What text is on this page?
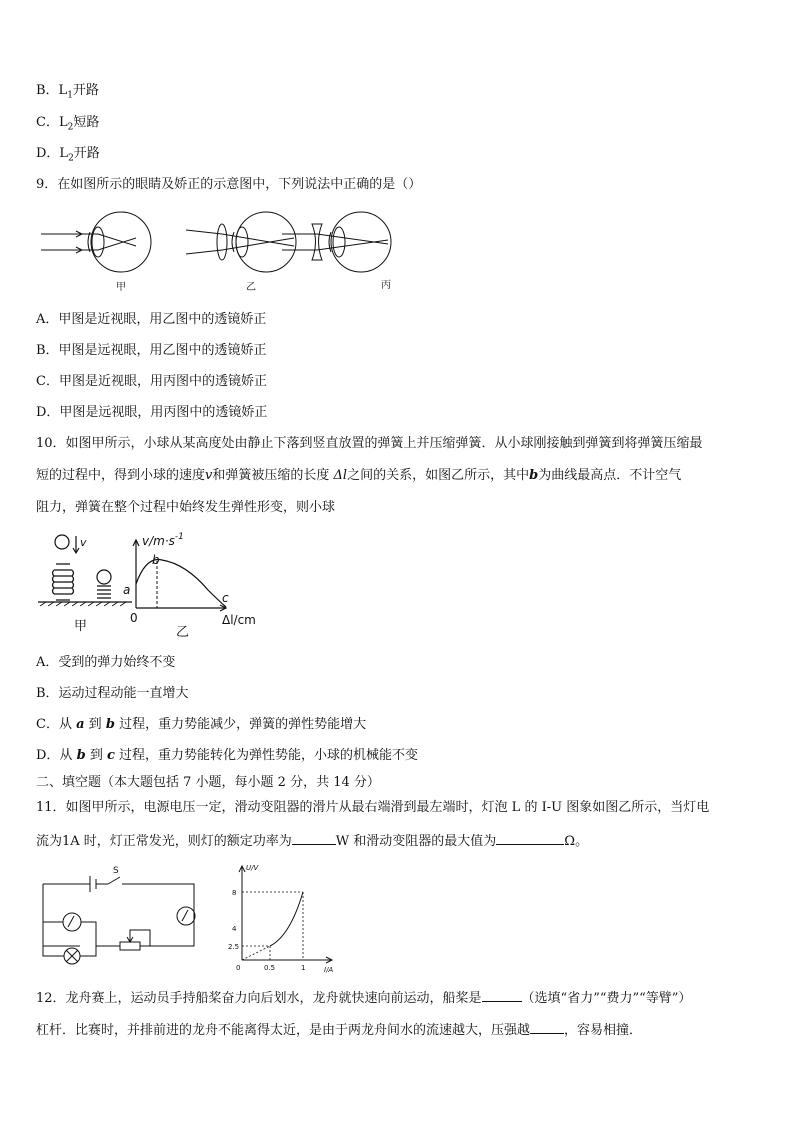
B．$L_1$开路
C．$L_2$短路
D．$L_2$开路
9．在如图所示的眼睛及娇正的示意图中，下列说法中正确的是（）
甲	乙	丙
A．甲图是近视眼，用乙图中的透镜娇正
B．甲图是远视眼，用乙图中的透镜娇正
C．甲图是近视眼，用丙图中的透镜娇正
D．甲图是远视眼，用丙图中的透镜娇正
10．如图甲所示，小球从某高度处由静止下落到竖直放置的弹簧上并压缩弹簧．从小球刚接触到弹簧到将弹簧压缩最
短的过程中，得到小球的速度v和弹簧被压缩的长度 Δl之间的关系，如图乙所示，其中b为曲线最高点．不计空气
阻力，弹簧在整个过程中始终发生弹性形变，则小球
v
甲
$v/m\cdot s^{-1}$
a
b
c
0	Δl/cm
乙
A．受到的弹力始终不变
B．运动过程动能一直增大
C．从 a 到 b 过程，重力势能减少，弹簧的弹性势能增大
D．从 b 到 c 过程，重力势能转化为弹性势能，小球的机械能不变
二、填空题（本大题包括 7 小题，每小题 2 分，共 14 分）
11．如图甲所示，电源电压一定，滑动变阻器的滑片从最右端滑到最左端时，灯泡 L 的 I-U 图象如图乙所示，当灯电
流为1A 时，灯正常发光，则灯的额定功率为	W 和滑动变阻器的最大值为	Ω。
S	U/V
I/A
8
4
2.5
0.5	1
0
12．龙舟赛上，运动员手持船桨奋力向后划水，龙舟就快速向前运动，船桨是	（选填“省力”“费力”“等臂”）
杠杆．比赛时，并排前进的龙舟不能离得太近，是由于两龙舟间水的流速越大，压强越	，容易相撞．
